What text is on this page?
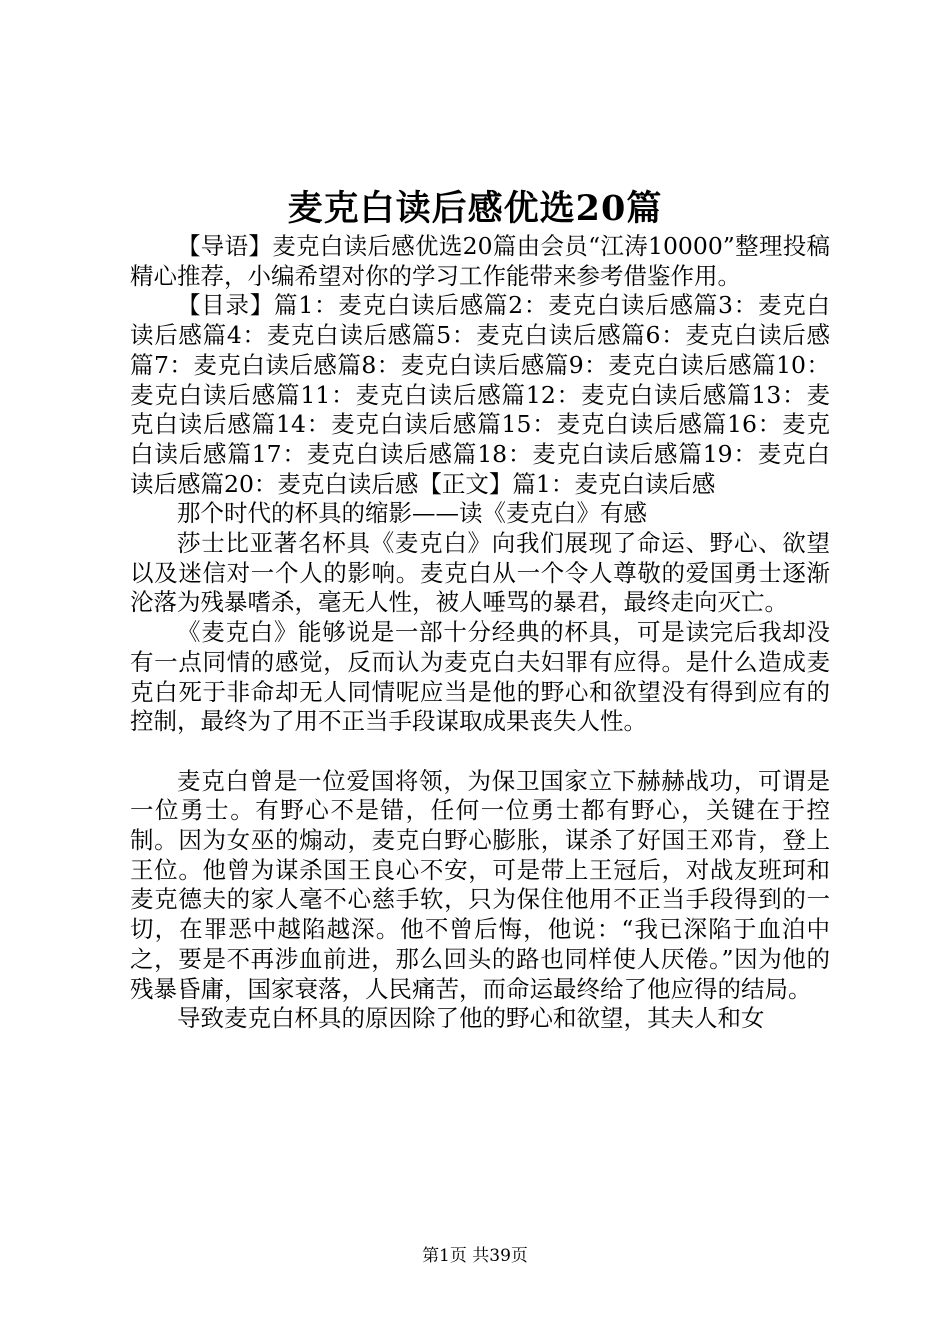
麦克白读后感优选20篇

【导语】麦克白读后感优选20篇由会员“江涛10000”整理投稿精心推荐，小编希望对你的学习工作能带来参考借鉴作用。

【目录】篇1：麦克白读后感篇2：麦克白读后感篇3：麦克白读后感篇4：麦克白读后感篇5：麦克白读后感篇6：麦克白读后感篇7：麦克白读后感篇8：麦克白读后感篇9：麦克白读后感篇10：麦克白读后感篇11：麦克白读后感篇12：麦克白读后感篇13：麦克白读后感篇14：麦克白读后感篇15：麦克白读后感篇16：麦克白读后感篇17：麦克白读后感篇18：麦克白读后感篇19：麦克白读后感篇20：麦克白读后感【正文】篇1：麦克白读后感

那个时代的杯具的缩影——读《麦克白》有感

莎士比亚著名杯具《麦克白》向我们展现了命运、野心、欲望以及迷信对一个人的影响。麦克白从一个令人尊敬的爱国勇士逐渐沦落为残暴嗜杀，毫无人性，被人唾骂的暴君，最终走向灭亡。

《麦克白》能够说是一部十分经典的杯具，可是读完后我却没有一点同情的感觉，反而认为麦克白夫妇罪有应得。是什么造成麦克白死于非命却无人同情呢应当是他的野心和欲望没有得到应有的控制，最终为了用不正当手段谋取成果丧失人性。

麦克白曾是一位爱国将领，为保卫国家立下赫赫战功，可谓是一位勇士。有野心不是错，任何一位勇士都有野心，关键在于控制。因为女巫的煽动，麦克白野心膨胀，谋杀了好国王邓肯，登上王位。他曾为谋杀国王良心不安，可是带上王冠后，对战友班珂和麦克德夫的家人毫不心慈手软，只为保住他用不正当手段得到的一切，在罪恶中越陷越深。他不曾后悔，他说：“我已深陷于血泊中之，要是不再涉血前进，那么回头的路也同样使人厌倦。”因为他的残暴昏庸，国家衰落，人民痛苦，而命运最终给了他应得的结局。

导致麦克白杯具的原因除了他的野心和欲望，其夫人和女

第1页 共39页
